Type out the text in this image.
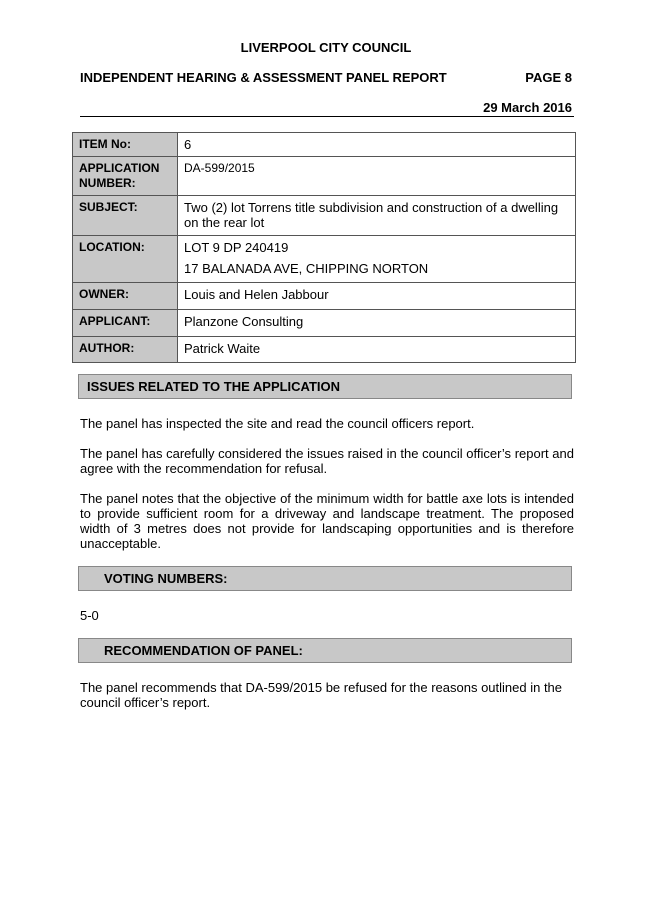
LIVERPOOL CITY COUNCIL
INDEPENDENT HEARING & ASSESSMENT PANEL REPORT	PAGE 8
29 March 2016
ITEM No:	6
APPLICATION NUMBER:	DA-599/2015
SUBJECT:	Two (2) lot Torrens title subdivision and construction of a dwelling on the rear lot
LOCATION:	LOT 9 DP 240419
17 BALANADA AVE, CHIPPING NORTON

OWNER:	Louis and Helen Jabbour
APPLICANT:	Planzone Consulting
AUTHOR:	Patrick Waite
ISSUES RELATED TO THE APPLICATION

The panel has inspected the site and read the council officers report.

The panel has carefully considered the issues raised in the council officer’s report and agree with the recommendation for refusal.

The panel notes that the objective of the minimum width for battle axe lots is intended to provide sufficient room for a driveway and landscape treatment. The proposed width of 3 metres does not provide for landscaping opportunities and is therefore unacceptable.

VOTING NUMBERS:

5-0

RECOMMENDATION OF PANEL:

The panel recommends that DA-599/2015 be refused for the reasons outlined in the council officer’s report.
